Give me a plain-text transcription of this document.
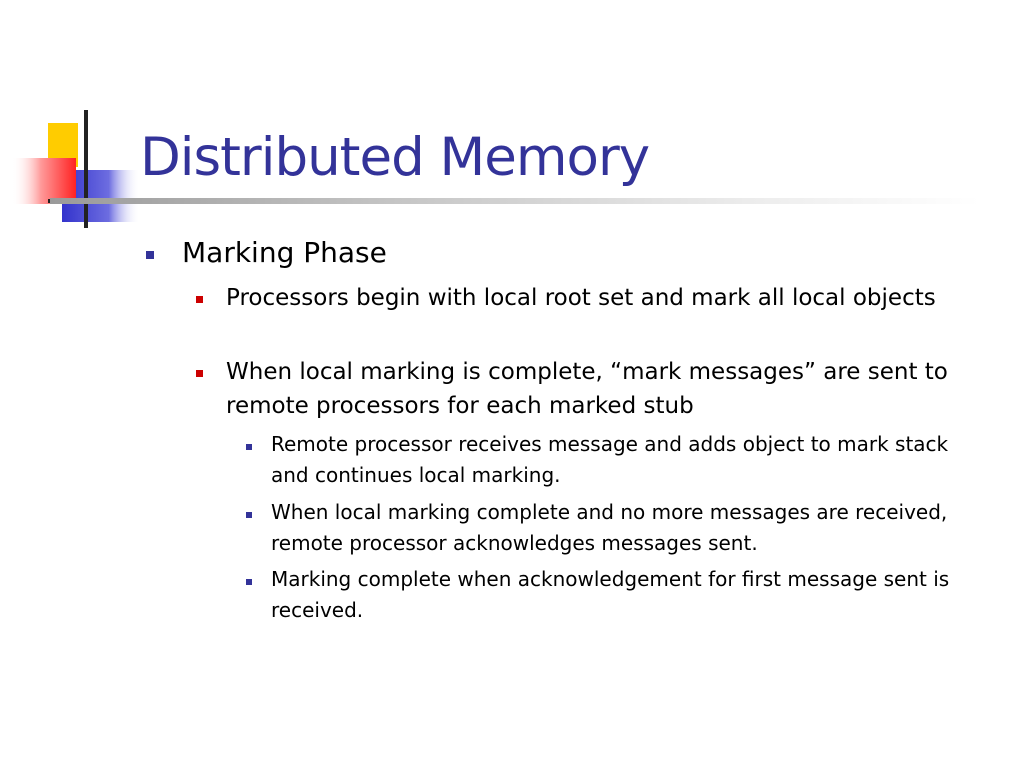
Distributed Memory

Marking Phase

Processors begin with local root set and mark all local objects

When local marking is complete, “mark messages” are sent to remote processors for each marked stub

Remote processor receives message and adds object to mark stack and continues local marking.

When local marking complete and no more messages are received, remote processor acknowledges messages sent.

Marking complete when acknowledgement for first message sent is received.
